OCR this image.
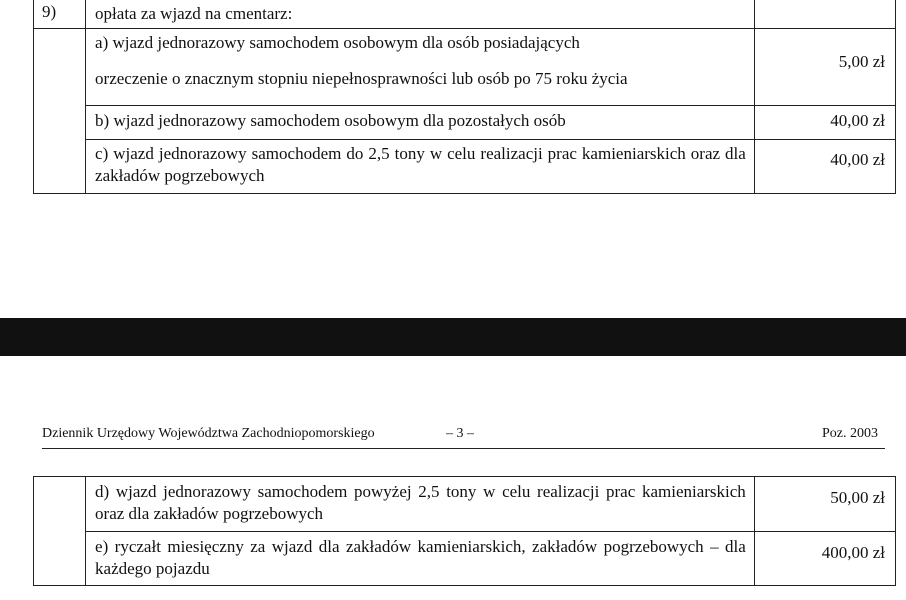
9)	opłata za wjazd na cmentarz:	

	a) wjazd jednorazowy samochodem osobowym dla osób posiadających
orzeczenie o znacznym stopniu niepełnosprawności lub osób po 75 roku życia	5,00 zł
	b) wjazd jednorazowy samochodem osobowym dla pozostałych osób	40,00 zł
	c) wjazd jednorazowy samochodem do 2,5 tony w celu realizacji prac kamieniarskich oraz dla zakładów pogrzebowych	40,00 zł
Dziennik Urzędowy Województwa Zachodniopomorskiego	– 3 –	Poz. 2003
	d) wjazd jednorazowy samochodem powyżej 2,5 tony w celu realizacji prac kamieniarskich oraz dla zakładów pogrzebowych	50,00 zł
	e) ryczałt miesięczny za wjazd dla zakładów kamieniarskich, zakładów pogrzebowych – dla każdego pojazdu	400,00 zł
